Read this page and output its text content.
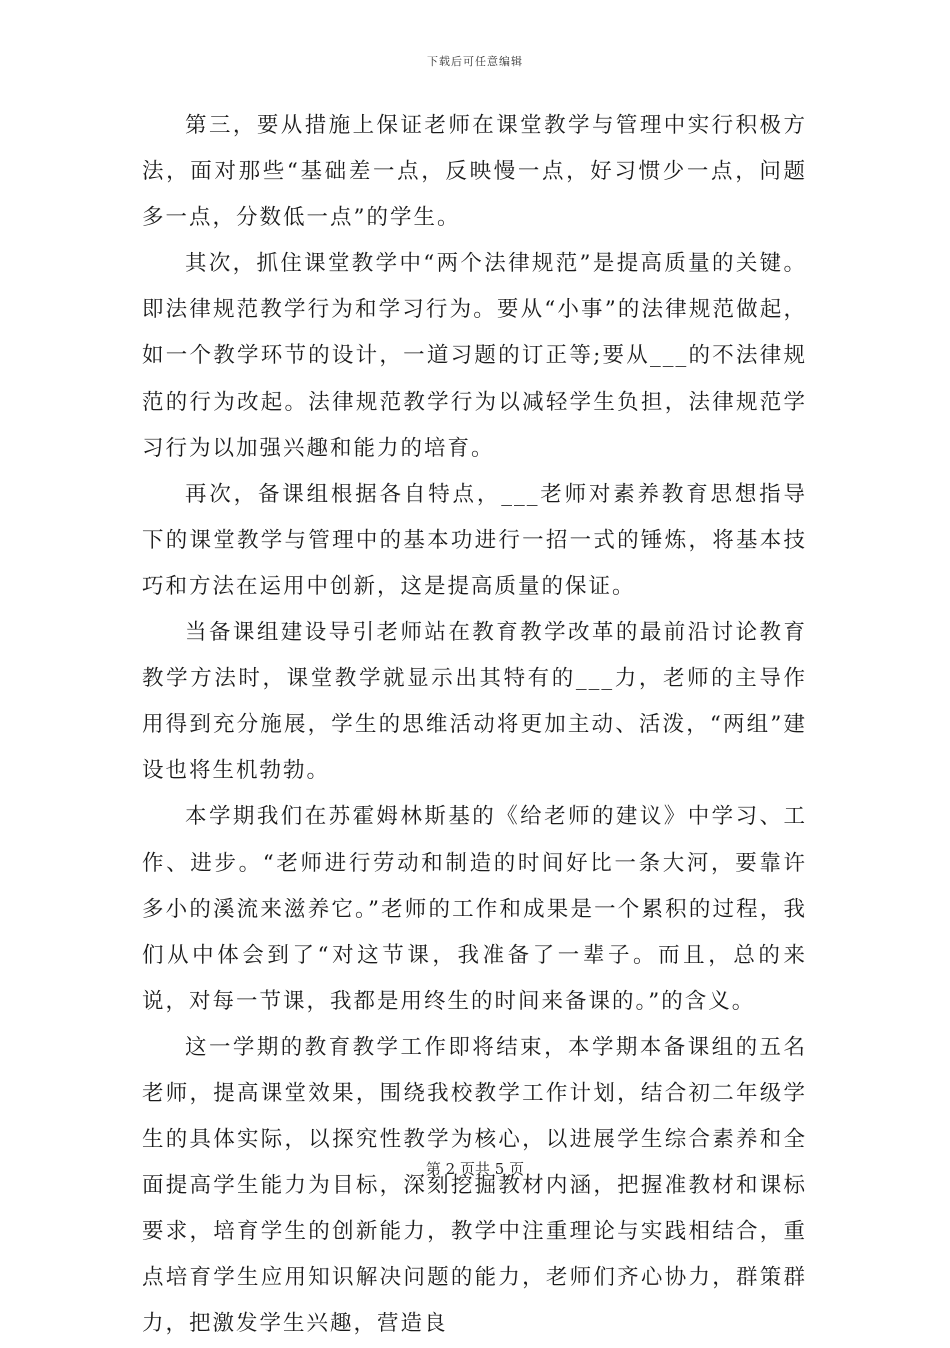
下载后可任意编辑

第三，要从措施上保证老师在课堂教学与管理中实行积极方法，面对那些“基础差一点，反映慢一点，好习惯少一点，问题多一点，分数低一点”的学生。

其次，抓住课堂教学中“两个法律规范”是提高质量的关键。即法律规范教学行为和学习行为。要从“小事”的法律规范做起，如一个教学环节的设计，一道习题的订正等;要从___的不法律规范的行为改起。法律规范教学行为以减轻学生负担，法律规范学习行为以加强兴趣和能力的培育。

再次，备课组根据各自特点，___老师对素养教育思想指导下的课堂教学与管理中的基本功进行一招一式的锤炼，将基本技巧和方法在运用中创新，这是提高质量的保证。

当备课组建设导引老师站在教育教学改革的最前沿讨论教育教学方法时，课堂教学就显示出其特有的___力，老师的主导作用得到充分施展，学生的思维活动将更加主动、活泼，“两组”建设也将生机勃勃。

本学期我们在苏霍姆林斯基的《给老师的建议》中学习、工作、进步。“老师进行劳动和制造的时间好比一条大河，要靠许多小的溪流来滋养它。”老师的工作和成果是一个累积的过程，我们从中体会到了“对这节课，我准备了一辈子。而且，总的来说，对每一节课，我都是用终生的时间来备课的。”的含义。

这一学期的教育教学工作即将结束，本学期本备课组的五名老师，提高课堂效果，围绕我校教学工作计划，结合初二年级学生的具体实际，以探究性教学为核心，以进展学生综合素养和全面提高学生能力为目标，深刻挖掘教材内涵，把握准教材和课标要求，培育学生的创新能力，教学中注重理论与实践相结合，重点培育学生应用知识解决问题的能力，老师们齐心协力，群策群力，把激发学生兴趣，营造良

第 2 页共 5 页
